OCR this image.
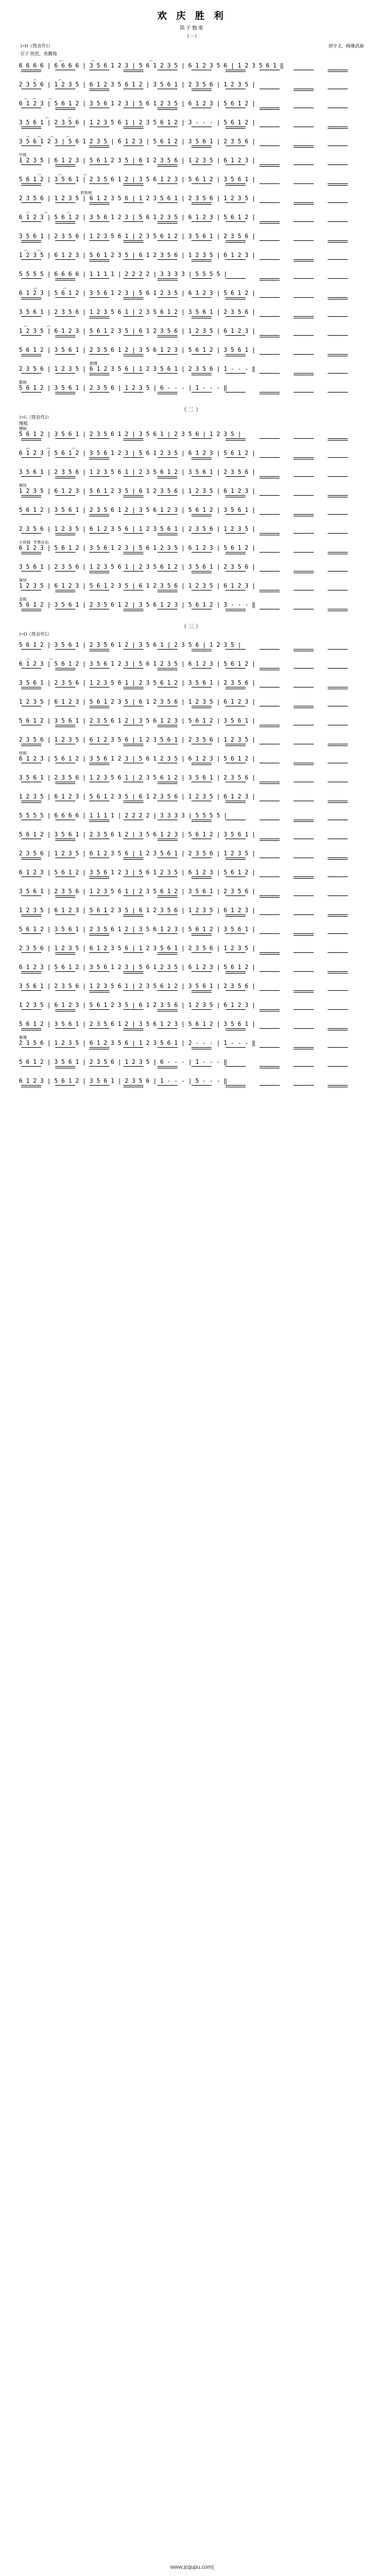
欢 庆 胜 利
笛子独奏
（一）
1=D（筒音作5）	刘守义、杨继武曲
引子 热烈、欢腾地
︵            ︵                       ︵
6 6 6 6 | 6 6 6 6 | 3 5 6 1 2 3 | 5 6 1 2 3 5 | 6 1 2 3 5 6 | 1 2 3 5 6 1 ‖
︵         ︵
2 3 5 6 | 1 2 3 5 | 6 1 2 3 5 6 1 2 | 3 5 6 1 | 2 3 5 6 | 1 2 3 5 |
︵  ︵     ︵
6 1 2 3 | 5 6 1 2 | 3 5 6 1 2 3 | 5 6 1 2 3 5 | 6 1 2 3 | 5 6 1 2 |
︵        ︵
3 5 6 1 | 2 3 5 6 | 1 2 3 5 6 1 | 2 3 5 6 1 2 | 3 - - - | 5 6 1 2 |
︵   ︵    ︵     ︵
3 5 6 1 2 3 | 5 6 1 2 3 5 | 6 1 2 3 | 5 6 1 2 | 3 5 6 1 | 2 3 5 6 |
中板
1 2 3 5 | 6 1 2 3 | 5 6 1 2 3 5 | 6 1 2 3 5 6 | 1 2 3 5 | 6 1 2 3 |
︵       ︵         ︵
5 6 1 2 | 3 5 6 1 | 2 3 5 6 1 2 | 3 5 6 1 2 3 | 5 6 1 2 | 3 5 6 1 |
欢快地
2 3 5 6 | 1 2 3 5 | 6 1 2 3 5 6 | 1 2 3 5 6 1 | 2 3 5 6 | 1 2 3 5 |
︵      ︵        ︵
6 1 2 3 | 5 6 1 2 | 3 5 6 1 2 3 | 5 6 1 2 3 5 | 6 1 2 3 | 5 6 1 2 |
3 5 6 1 | 2 3 5 6 | 1 2 3 5 6 1 | 2 3 5 6 1 2 | 3 5 6 1 | 2 3 5 6 |
︵    ︵
1 2 3 5 | 6 1 2 3 | 5 6 1 2 3 5 | 6 1 2 3 5 6 | 1 2 3 5 | 6 1 2 3 |
5 5 5 5 | 6 6 6 6 | 1 1 1 1 | 2 2 2 2 | 3 3 3 3 | 5 5 5 5 |
︵           ︵
6 1 2 3 | 5 6 1 2 | 3 5 6 1 2 3 | 5 6 1 2 3 5 | 6 1 2 3 | 5 6 1 2 |
3 5 6 1 | 2 3 5 6 | 1 2 3 5 6 1 | 2 3 5 6 1 2 | 3 5 6 1 | 2 3 5 6 |
︵        ︵
1 2 3 5 | 6 1 2 3 | 5 6 1 2 3 5 | 6 1 2 3 5 6 | 1 2 3 5 | 6 1 2 3 |
5 6 1 2 | 3 5 6 1 | 2 3 5 6 1 2 | 3 5 6 1 2 3 | 5 6 1 2 | 3 5 6 1 |
渐慢
2 3 5 6 | 1 2 3 5 | 6 1 2 3 5 6 | 1 2 3 5 6 1 | 2 3 5 6 | 1 - - - ‖
散板
5 6 1 2 | 3 5 6 1 | 2 3 5 6 | 1 2 3 5 | 6 - - - | 1 - - - ‖
（二）
1=G（筒音作2）
慢板
慢板
5 6 1 2 | 3 5 6 1 | 2 3 5 6 1 2 | 3 5 6 1 | 2 3 5 6 | 1 2 3 5 |
︵       ︵         ︵
6 1 2 3 | 5 6 1 2 | 3 5 6 1 2 3 | 5 6 1 2 3 5 | 6 1 2 3 | 5 6 1 2 |
3 5 6 1 | 2 3 5 6 | 1 2 3 5 6 1 | 2 3 5 6 1 2 | 3 5 6 1 | 2 3 5 6 |
稍快
1 2 3 5 | 6 1 2 3 | 5 6 1 2 3 5 | 6 1 2 3 5 6 | 1 2 3 5 | 6 1 2 3 |
5 6 1 2 | 3 5 6 1 | 2 3 5 6 1 2 | 3 5 6 1 2 3 | 5 6 1 2 | 3 5 6 1 |
2 3 5 6 | 1 2 3 5 | 6 1 2 3 5 6 | 1 2 3 5 6 1 | 2 3 5 6 | 1 2 3 5 |
小快板 节奏自由
6 1 2 3 | 5 6 1 2 | 3 5 6 1 2 3 | 5 6 1 2 3 5 | 6 1 2 3 | 5 6 1 2 |
3 5 6 1 | 2 3 5 6 | 1 2 3 5 6 1 | 2 3 5 6 1 2 | 3 5 6 1 | 2 3 5 6 |
渐快
1 2 3 5 | 6 1 2 3 | 5 6 1 2 3 5 | 6 1 2 3 5 6 | 1 2 3 5 | 6 1 2 3 |
急板
5 6 1 2 | 3 5 6 1 | 2 3 5 6 1 2 | 3 5 6 1 2 3 | 5 6 1 2 | 3 - - - ‖
（三）
1=D（筒音作5）
5 6 1 2 | 3 5 6 1 | 2 3 5 6 1 2 | 3 5 6 1 | 2 3 5 6 | 1 2 3 5 |
︵        ︵
6 1 2 3 | 5 6 1 2 | 3 5 6 1 2 3 | 5 6 1 2 3 5 | 6 1 2 3 | 5 6 1 2 |
3 5 6 1 | 2 3 5 6 | 1 2 3 5 6 1 | 2 3 5 6 1 2 | 3 5 6 1 | 2 3 5 6 |
1 2 3 5 | 6 1 2 3 | 5 6 1 2 3 5 | 6 1 2 3 5 6 | 1 2 3 5 | 6 1 2 3 |
5 6 1 2 | 3 5 6 1 | 2 3 5 6 1 2 | 3 5 6 1 2 3 | 5 6 1 2 | 3 5 6 1 |
2 3 5 6 | 1 2 3 5 | 6 1 2 3 5 6 | 1 2 3 5 6 1 | 2 3 5 6 | 1 2 3 5 |
快板
6 1 2 3 | 5 6 1 2 | 3 5 6 1 2 3 | 5 6 1 2 3 5 | 6 1 2 3 | 5 6 1 2 |
3 5 6 1 | 2 3 5 6 | 1 2 3 5 6 1 | 2 3 5 6 1 2 | 3 5 6 1 | 2 3 5 6 |
1 2 3 5 | 6 1 2 3 | 5 6 1 2 3 5 | 6 1 2 3 5 6 | 1 2 3 5 | 6 1 2 3 |
5 5 5 5 | 6 6 6 6 | 1 1 1 1 | 2 2 2 2 | 3 3 3 3 | 5 5 5 5 |
5 6 1 2 | 3 5 6 1 | 2 3 5 6 1 2 | 3 5 6 1 2 3 | 5 6 1 2 | 3 5 6 1 |
2 3 5 6 | 1 2 3 5 | 6 1 2 3 5 6 | 1 2 3 5 6 1 | 2 3 5 6 | 1 2 3 5 |
6 1 2 3 | 5 6 1 2 | 3 5 6 1 2 3 | 5 6 1 2 3 5 | 6 1 2 3 | 5 6 1 2 |
3 5 6 1 | 2 3 5 6 | 1 2 3 5 6 1 | 2 3 5 6 1 2 | 3 5 6 1 | 2 3 5 6 |
1 2 3 5 | 6 1 2 3 | 5 6 1 2 3 5 | 6 1 2 3 5 6 | 1 2 3 5 | 6 1 2 3 |
5 6 1 2 | 3 5 6 1 | 2 3 5 6 1 2 | 3 5 6 1 2 3 | 5 6 1 2 | 3 5 6 1 |
2 3 5 6 | 1 2 3 5 | 6 1 2 3 5 6 | 1 2 3 5 6 1 | 2 3 5 6 | 1 2 3 5 |
6 1 2 3 | 5 6 1 2 | 3 5 6 1 2 3 | 5 6 1 2 3 5 | 6 1 2 3 | 5 6 1 2 |
3 5 6 1 | 2 3 5 6 | 1 2 3 5 6 1 | 2 3 5 6 1 2 | 3 5 6 1 | 2 3 5 6 |
1 2 3 5 | 6 1 2 3 | 5 6 1 2 3 5 | 6 1 2 3 5 6 | 1 2 3 5 | 6 1 2 3 |
5 6 1 2 | 3 5 6 1 | 2 3 5 6 1 2 | 3 5 6 1 2 3 | 5 6 1 2 | 3 5 6 1 |
渐慢
2 3 5 6 | 1 2 3 5 | 6 1 2 3 5 6 | 1 2 3 5 6 1 | 2 - - - | 1 - - - ‖
5 6 1 2 | 3 5 6 1 | 2 3 5 6 | 1 2 3 5 | 6 - - - | 1 - - - ‖
6 1 2 3 | 5 6 1 2 | 3 5 6 1 | 2 3 5 6 | 1 - - - | 5 - - - ‖
www.jcqupu.com|
